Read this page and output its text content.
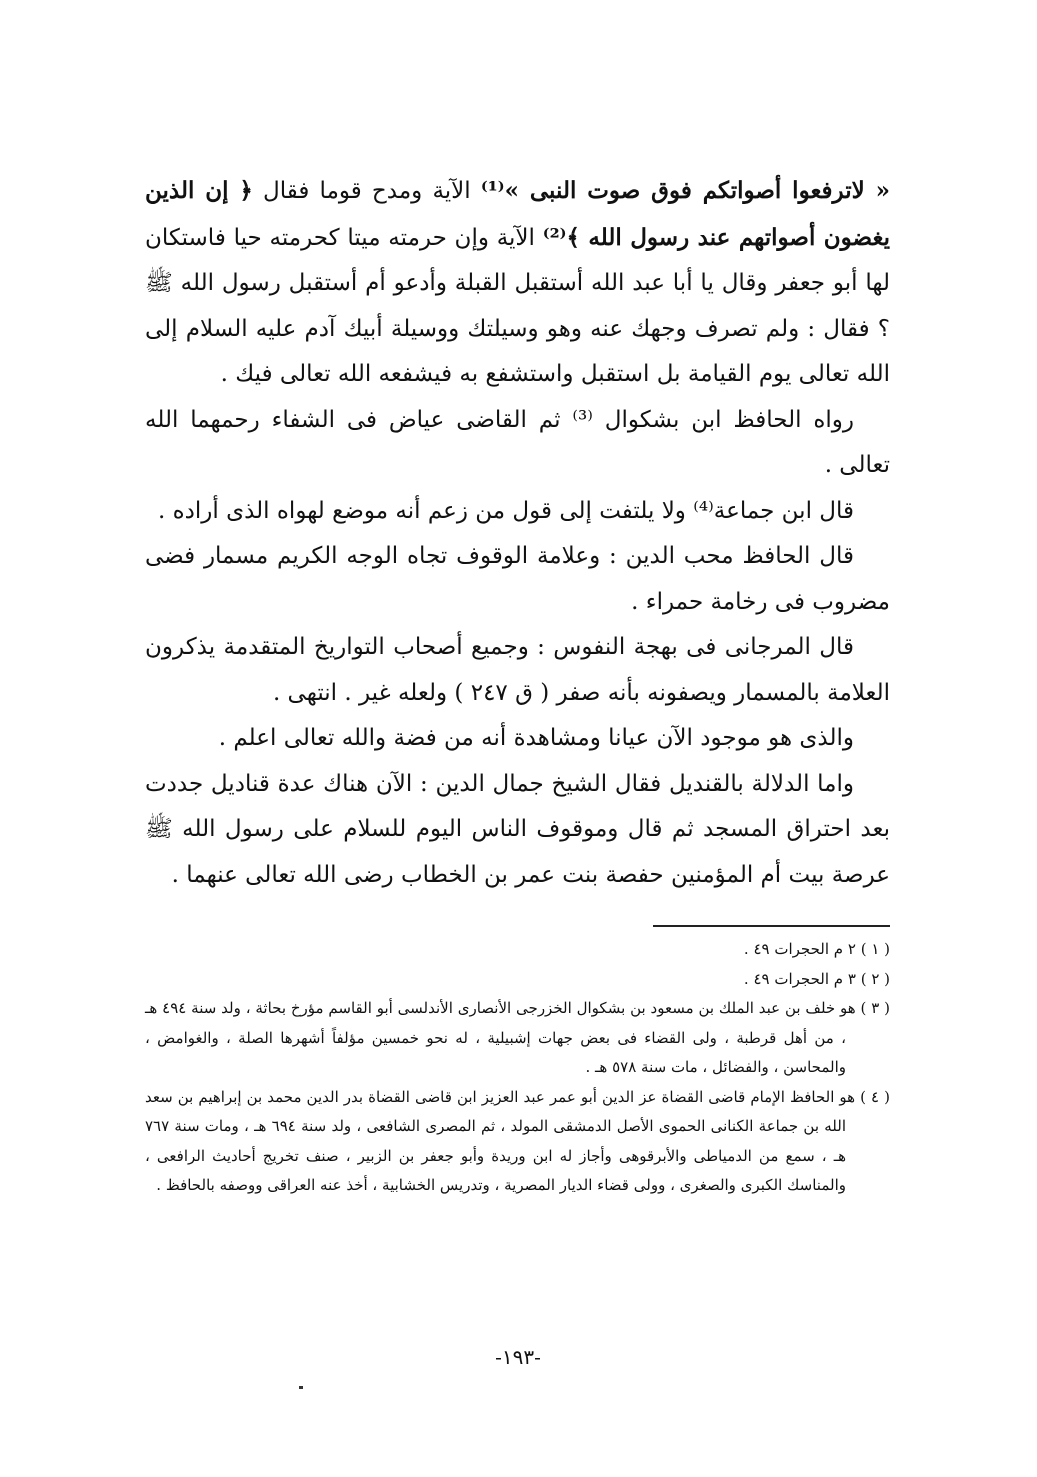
« لاترفعوا أصواتكم فوق صوت النبى »⁽¹⁾ الآية ومدح قوما فقال ﴿ إن الذين يغضون أصواتهم عند رسول الله ﴾⁽²⁾ الآية وإن حرمته ميتا كحرمته حيا فاستكان لها أبو جعفر وقال يا أبا عبد الله أستقبل القبلة وأدعو أم أستقبل رسول الله ﷺ ؟ فقال : ولم تصرف وجهك عنه وهو وسيلتك ووسيلة أبيك آدم عليه السلام إلى الله تعالى يوم القيامة بل استقبل واستشفع به فيشفعه الله تعالى فيك .

رواه الحافظ ابن بشكوال ⁽³⁾ ثم القاضى عياض فى الشفاء رحمهما الله تعالى .

قال ابن جماعة⁽⁴⁾ ولا يلتفت إلى قول من زعم أنه موضع لهواه الذى أراده .

قال الحافظ محب الدين : وعلامة الوقوف تجاه الوجه الكريم مسمار فضى مضروب فى رخامة حمراء .

قال المرجانى فى بهجة النفوس : وجميع أصحاب التواريخ المتقدمة يذكرون العلامة بالمسمار ويصفونه بأنه صفر ( ق ٢٤٧ ) ولعله غير . انتهى .

والذى هو موجود الآن عيانا ومشاهدة أنه من فضة والله تعالى اعلم .

واما الدلالة بالقنديل فقال الشيخ جمال الدين : الآن هناك عدة قناديل جددت بعد احتراق المسجد ثم قال وموقوف الناس اليوم للسلام على رسول الله ﷺ عرصة بيت أم المؤمنين حفصة بنت عمر بن الخطاب رضى الله تعالى عنهما .

( ١ ) ٢ م الحجرات ٤٩ .

( ٢ ) ٣ م الحجرات ٤٩ .

( ٣ ) هو خلف بن عبد الملك بن مسعود بن بشكوال الخزرجى الأنصارى الأندلسى أبو القاسم مؤرخ بحاثة ، ولد سنة ٤٩٤ هـ ، من أهل قرطبة ، ولى القضاء فى بعض جهات إشبيلية ، له نحو خمسين مؤلفاً أشهرها الصلة ، والغوامض ، والمحاسن ، والفضائل ، مات سنة ٥٧٨ هـ .

( ٤ ) هو الحافظ الإمام قاضى القضاة عز الدين أبو عمر عبد العزيز ابن قاضى القضاة بدر الدين محمد بن إبراهيم بن سعد الله بن جماعة الكنانى الحموى الأصل الدمشقى المولد ، ثم المصرى الشافعى ، ولد سنة ٦٩٤ هـ ، ومات سنة ٧٦٧ هـ ، سمع من الدمياطى والأبرقوهى وأجاز له ابن وريدة وأبو جعفر بن الزبير ، صنف تخريج أحاديث الرافعى ، والمناسك الكبرى والصغرى ، وولى قضاء الديار المصرية ، وتدريس الخشابية ، أخذ عنه العراقى ووصفه بالحافظ .

-١٩٣-
